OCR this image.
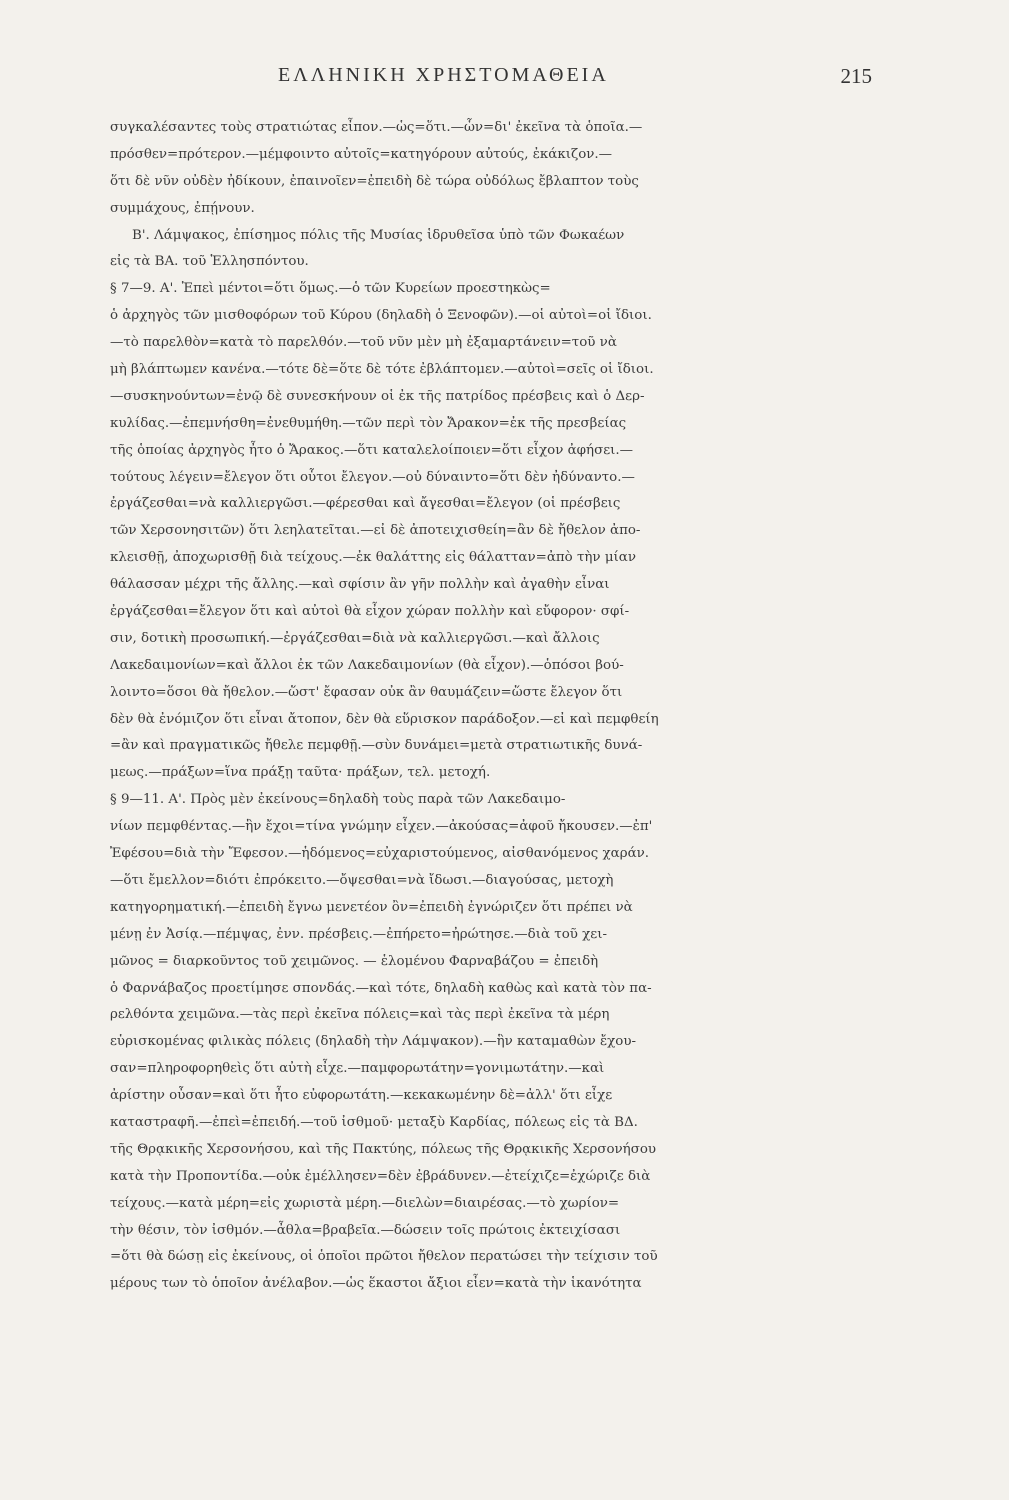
ΕΛΛΗΝΙΚΗ ΧΡΗΣΤΟΜΑΘΕΙΑ	215
συγκαλέσαντες τοὺς στρατιώτας εἶπον.—ὡς=ὅτι.—ὧν=δι' ἐκεῖνα τὰ ὁποῖα.—
πρόσθεν=πρότερον.—μέμφοιντο αὐτοῖς=κατηγόρουν αὐτούς, ἐκάκιζον.—
ὅτι δὲ νῦν οὐδὲν ἠδίκουν, ἐπαινοῖεν=ἐπειδὴ δὲ τώρα οὐδόλως ἔβλαπτον τοὺς
συμμάχους, ἐπῄνουν.
Β'. Λάμψακος, ἐπίσημος πόλις τῆς Μυσίας ἱδρυθεῖσα ὑπὸ τῶν Φωκαέων
εἰς τὰ ΒΑ. τοῦ Ἑλλησπόντου.
§ 7—9. Α'. Ἐπεὶ μέντοι=ὅτι ὅμως.—ὁ τῶν Κυρείων προεστηκὼς=
ὁ ἀρχηγὸς τῶν μισθοφόρων τοῦ Κύρου (δηλαδὴ ὁ Ξενοφῶν).—οἱ αὐτοὶ=οἱ ἴδιοι.
—τὸ παρελθὸν=κατὰ τὸ παρελθόν.—τοῦ νῦν μὲν μὴ ἐξαμαρτάνειν=τοῦ νὰ
μὴ βλάπτωμεν κανένα.—τότε δὲ=ὅτε δὲ τότε ἐβλάπτομεν.—αὐτοὶ=σεῖς οἱ ἴδιοι.
—συσκηνούντων=ἐνῷ δὲ συνεσκήνουν οἱ ἐκ τῆς πατρίδος πρέσβεις καὶ ὁ Δερ-
κυλίδας.—ἐπεμνήσθη=ἐνεθυμήθη.—τῶν περὶ τὸν Ἄρακον=ἐκ τῆς πρεσβείας
τῆς ὁποίας ἀρχηγὸς ἦτο ὁ Ἄρακος.—ὅτι καταλελοίποιεν=ὅτι εἶχον ἀφήσει.—
τούτους λέγειν=ἔλεγον ὅτι οὗτοι ἔλεγον.—οὐ δύναιντο=ὅτι δὲν ἠδύναντο.—
ἐργάζεσθαι=νὰ καλλιεργῶσι.—φέρεσθαι καὶ ἄγεσθαι=ἔλεγον (οἱ πρέσβεις
τῶν Χερσονησιτῶν) ὅτι λεηλατεῖται.—εἰ δὲ ἀποτειχισθείη=ἂν δὲ ἤθελον ἀπο-
κλεισθῇ, ἀποχωρισθῇ διὰ τείχους.—ἐκ θαλάττης εἰς θάλατταν=ἀπὸ τὴν μίαν
θάλασσαν μέχρι τῆς ἄλλης.—καὶ σφίσιν ἂν γῆν πολλὴν καὶ ἀγαθὴν εἶναι
ἐργάζεσθαι=ἔλεγον ὅτι καὶ αὐτοὶ θὰ εἶχον χώραν πολλὴν καὶ εὔφορον· σφί-
σιν, δοτικὴ προσωπική.—ἐργάζεσθαι=διὰ νὰ καλλιεργῶσι.—καὶ ἄλλοις
Λακεδαιμονίων=καὶ ἄλλοι ἐκ τῶν Λακεδαιμονίων (θὰ εἶχον).—ὁπόσοι βού-
λοιντο=ὅσοι θὰ ἤθελον.—ὥστ' ἔφασαν οὐκ ἂν θαυμάζειν=ὥστε ἔλεγον ὅτι
δὲν θὰ ἐνόμιζον ὅτι εἶναι ἄτοπον, δὲν θὰ εὕρισκον παράδοξον.—εἰ καὶ πεμφθείη
=ἂν καὶ πραγματικῶς ἤθελε πεμφθῇ.—σὺν δυνάμει=μετὰ στρατιωτικῆς δυνά-
μεως.—πράξων=ἵνα πράξῃ ταῦτα· πράξων, τελ. μετοχή.
§ 9—11. Α'. Πρὸς μὲν ἐκείνους=δηλαδὴ τοὺς παρὰ τῶν Λακεδαιμο-
νίων πεμφθέντας.—ἣν ἔχοι=τίνα γνώμην εἶχεν.—ἀκούσας=ἀφοῦ ἤκουσεν.—ἐπ'
Ἐφέσου=διὰ τὴν Ἔφεσον.—ἡδόμενος=εὐχαριστούμενος, αἰσθανόμενος χαράν.
—ὅτι ἔμελλον=διότι ἐπρόκειτο.—ὄψεσθαι=νὰ ἴδωσι.—διαγούσας, μετοχὴ
κατηγορηματική.—ἐπειδὴ ἔγνω μενετέον ὂν=ἐπειδὴ ἐγνώριζεν ὅτι πρέπει νὰ
μένῃ ἐν Ἀσίᾳ.—πέμψας, ἐνν. πρέσβεις.—ἐπήρετο=ἠρώτησε.—διὰ τοῦ χει-
μῶνος = διαρκοῦντος τοῦ χειμῶνος. — ἑλομένου Φαρναβάζου = ἐπειδὴ
ὁ Φαρνάβαζος προετίμησε σπονδάς.—καὶ τότε, δηλαδὴ καθὼς καὶ κατὰ τὸν πα-
ρελθόντα χειμῶνα.—τὰς περὶ ἐκεῖνα πόλεις=καὶ τὰς περὶ ἐκεῖνα τὰ μέρη
εὑρισκομένας φιλικὰς πόλεις (δηλαδὴ τὴν Λάμψακον).—ἣν καταμαθὼν ἔχου-
σαν=πληροφορηθεὶς ὅτι αὐτὴ εἶχε.—παμφορωτάτην=γονιμωτάτην.—καὶ
ἀρίστην οὖσαν=καὶ ὅτι ἦτο εὐφορωτάτη.—κεκακωμένην δὲ=ἀλλ' ὅτι εἶχε
καταστραφῆ.—ἐπεὶ=ἐπειδή.—τοῦ ἰσθμοῦ· μεταξὺ Καρδίας, πόλεως εἰς τὰ ΒΔ.
τῆς Θρᾳκικῆς Χερσονήσου, καὶ τῆς Πακτύης, πόλεως τῆς Θρᾳκικῆς Χερσονήσου
κατὰ τὴν Προποντίδα.—οὐκ ἐμέλλησεν=δὲν ἐβράδυνεν.—ἐτείχιζε=ἐχώριζε διὰ
τείχους.—κατὰ μέρη=εἰς χωριστὰ μέρη.—διελὼν=διαιρέσας.—τὸ χωρίον=
τὴν θέσιν, τὸν ἰσθμόν.—ἆθλα=βραβεῖα.—δώσειν τοῖς πρώτοις ἐκτειχίσασι
=ὅτι θὰ δώσῃ εἰς ἐκείνους, οἱ ὁποῖοι πρῶτοι ἤθελον περατώσει τὴν τείχισιν τοῦ
μέρους των τὸ ὁποῖον ἀνέλαβον.—ὡς ἕκαστοι ἄξιοι εἶεν=κατὰ τὴν ἱκανότητα
